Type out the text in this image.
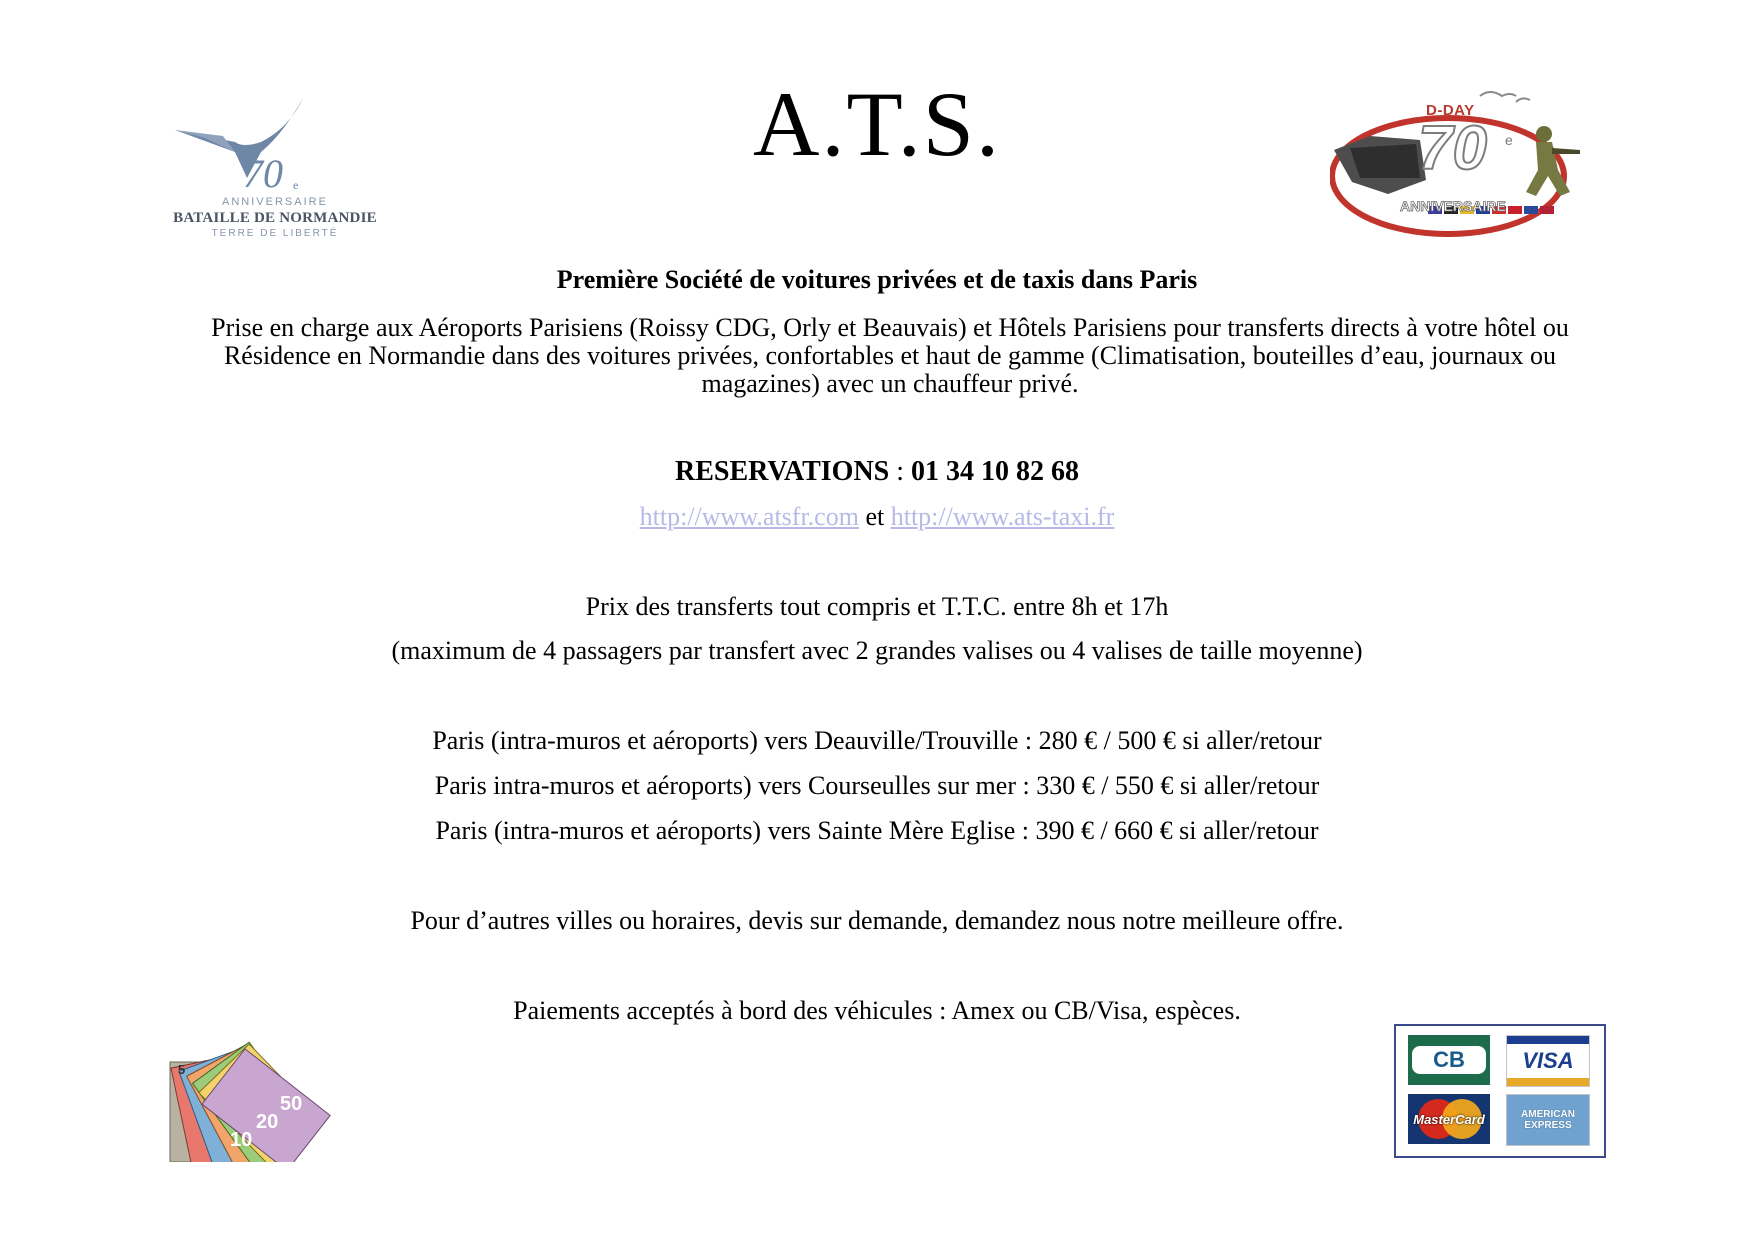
A.T.S.
70 e
ANNIVERSAIRE
BATAILLE DE NORMANDIE
TERRE DE LIBERTÉ
D-DAY
70 e
ANNIVERSAIRE
Première Société de voitures privées et de taxis dans Paris
Prise en charge aux Aéroports Parisiens (Roissy CDG, Orly et Beauvais) et Hôtels Parisiens pour transferts directs à votre hôtel ou Résidence en Normandie dans des voitures privées, confortables et haut de gamme (Climatisation, bouteilles d’eau, journaux ou magazines) avec un chauffeur privé.
RESERVATIONS : 01 34 10 82 68
http://www.atsfr.com et http://www.ats-taxi.fr
Prix des transferts tout compris et T.T.C. entre 8h et 17h
(maximum de 4 passagers par transfert avec 2 grandes valises ou 4 valises de taille moyenne)
Paris (intra-muros et aéroports) vers Deauville/Trouville : 280 € / 500 € si aller/retour
Paris intra-muros et aéroports) vers Courseulles sur mer : 330 € / 550 € si aller/retour
Paris (intra-muros et aéroports) vers Sainte Mère Eglise : 390 € / 660 € si aller/retour
Pour d’autres villes ou horaires, devis sur demande, demandez nous notre meilleure offre.
Paiements acceptés à bord des véhicules : Amex ou CB/Visa, espèces.
5
10
20
50
100
200
500
CB	VISA
MasterCard	AMERICAN
EXPRESS
